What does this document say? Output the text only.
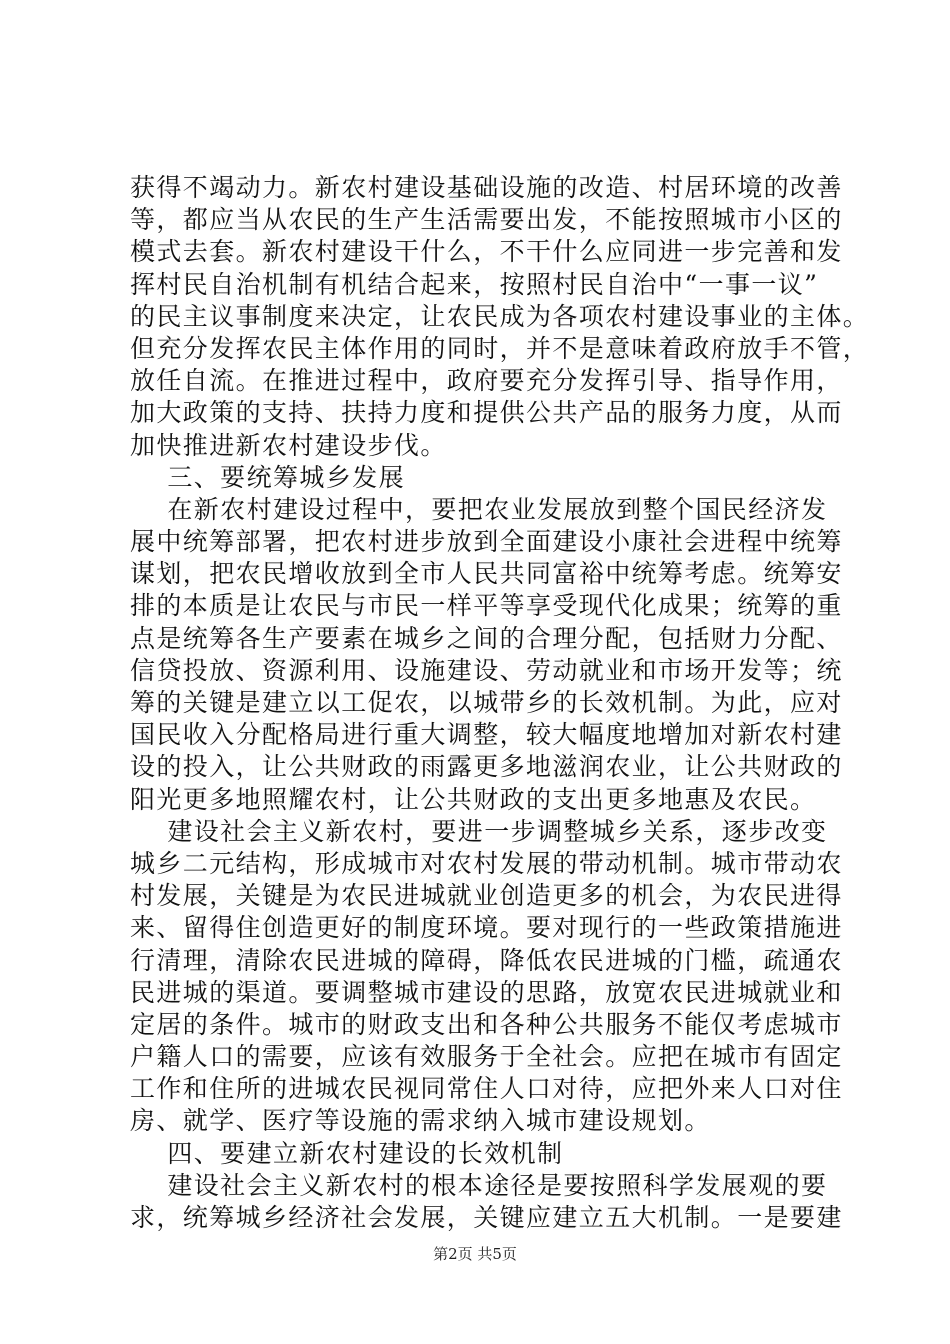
获得不竭动力。新农村建设基础设施的改造、村居环境的改善
等，都应当从农民的生产生活需要出发，不能按照城市小区的
模式去套。新农村建设干什么，不干什么应同进一步完善和发
挥村民自治机制有机结合起来，按照村民自治中“一事一议”
的民主议事制度来决定，让农民成为各项农村建设事业的主体。
但充分发挥农民主体作用的同时，并不是意味着政府放手不管，
放任自流。在推进过程中，政府要充分发挥引导、指导作用，
加大政策的支持、扶持力度和提供公共产品的服务力度，从而
加快推进新农村建设步伐。
三、要统筹城乡发展
在新农村建设过程中，要把农业发展放到整个国民经济发
展中统筹部署，把农村进步放到全面建设小康社会进程中统筹
谋划，把农民增收放到全市人民共同富裕中统筹考虑。统筹安
排的本质是让农民与市民一样平等享受现代化成果；统筹的重
点是统筹各生产要素在城乡之间的合理分配，包括财力分配、
信贷投放、资源利用、设施建设、劳动就业和市场开发等；统
筹的关键是建立以工促农，以城带乡的长效机制。为此，应对
国民收入分配格局进行重大调整，较大幅度地增加对新农村建
设的投入，让公共财政的雨露更多地滋润农业，让公共财政的
阳光更多地照耀农村，让公共财政的支出更多地惠及农民。
建设社会主义新农村，要进一步调整城乡关系，逐步改变
城乡二元结构，形成城市对农村发展的带动机制。城市带动农
村发展，关键是为农民进城就业创造更多的机会，为农民进得
来、留得住创造更好的制度环境。要对现行的一些政策措施进
行清理，清除农民进城的障碍，降低农民进城的门槛，疏通农
民进城的渠道。要调整城市建设的思路，放宽农民进城就业和
定居的条件。城市的财政支出和各种公共服务不能仅考虑城市
户籍人口的需要，应该有效服务于全社会。应把在城市有固定
工作和住所的进城农民视同常住人口对待，应把外来人口对住
房、就学、医疗等设施的需求纳入城市建设规划。
四、要建立新农村建设的长效机制
建设社会主义新农村的根本途径是要按照科学发展观的要
求，统筹城乡经济社会发展，关键应建立五大机制。一是要建
第2页 共5页
